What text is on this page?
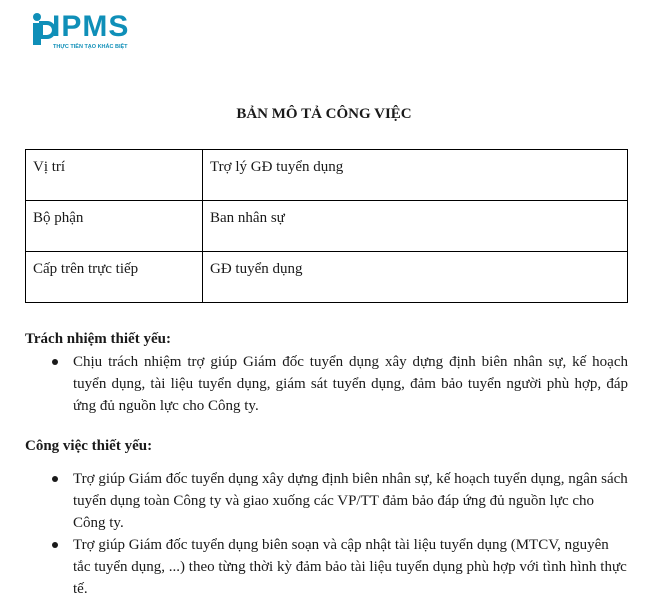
IPMS
THỰC TIỄN TẠO KHÁC BIỆT
BẢN MÔ TẢ CÔNG VIỆC
Vị trí	Trợ lý GĐ tuyển dụng
Bộ phận	Ban nhân sự
Cấp trên trực tiếp	GĐ tuyển dụng
Trách nhiệm thiết yếu:
Chịu trách nhiệm trợ giúp Giám đốc tuyển dụng xây dựng định biên nhân sự, kế hoạch tuyển dụng, tài liệu tuyển dụng, giám sát tuyển dụng, đảm bảo tuyển người phù hợp, đáp ứng đủ nguồn lực cho Công ty.
Công việc thiết yếu:
Trợ giúp Giám đốc tuyển dụng xây dựng định biên nhân sự, kế hoạch tuyển dụng, ngân sách tuyển dụng toàn Công ty và giao xuống các VP/TT đảm bảo đáp ứng đủ nguồn lực cho Công ty.
Trợ giúp Giám đốc tuyển dụng biên soạn và cập nhật tài liệu tuyển dụng (MTCV, nguyên tắc tuyển dụng, ...) theo từng thời kỳ đảm bảo tài liệu tuyển dụng phù hợp với tình hình thực tế.
